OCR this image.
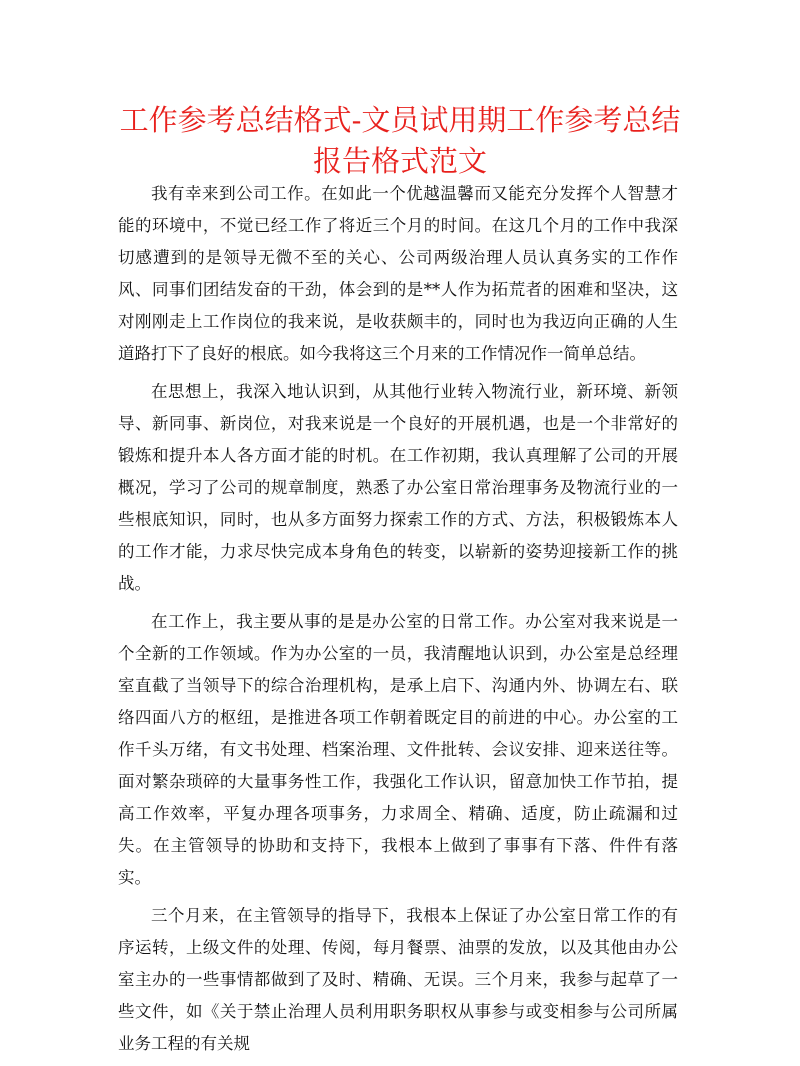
工作参考总结格式-文员试用期工作参考总结报告格式范文

我有幸来到公司工作。在如此一个优越温馨而又能充分发挥个人智慧才能的环境中，不觉已经工作了将近三个月的时间。在这几个月的工作中我深切感遭到的是领导无微不至的关心、公司两级治理人员认真务实的工作作风、同事们团结发奋的干劲，体会到的是**人作为拓荒者的困难和坚决，这对刚刚走上工作岗位的我来说，是收获颇丰的，同时也为我迈向正确的人生道路打下了良好的根底。如今我将这三个月来的工作情况作一简单总结。

在思想上，我深入地认识到，从其他行业转入物流行业，新环境、新领导、新同事、新岗位，对我来说是一个良好的开展机遇，也是一个非常好的锻炼和提升本人各方面才能的时机。在工作初期，我认真理解了公司的开展概况，学习了公司的规章制度，熟悉了办公室日常治理事务及物流行业的一些根底知识，同时，也从多方面努力探索工作的方式、方法，积极锻炼本人的工作才能，力求尽快完成本身角色的转变，以崭新的姿势迎接新工作的挑战。

在工作上，我主要从事的是是办公室的日常工作。办公室对我来说是一个全新的工作领域。作为办公室的一员，我清醒地认识到，办公室是总经理室直截了当领导下的综合治理机构，是承上启下、沟通内外、协调左右、联络四面八方的枢纽，是推进各项工作朝着既定目的前进的中心。办公室的工作千头万绪，有文书处理、档案治理、文件批转、会议安排、迎来送往等。面对繁杂琐碎的大量事务性工作，我强化工作认识，留意加快工作节拍，提高工作效率，平复办理各项事务，力求周全、精确、适度，防止疏漏和过失。在主管领导的协助和支持下，我根本上做到了事事有下落、件件有落实。

三个月来，在主管领导的指导下，我根本上保证了办公室日常工作的有序运转，上级文件的处理、传阅，每月餐票、油票的发放，以及其他由办公室主办的一些事情都做到了及时、精确、无误。三个月来，我参与起草了一些文件，如《关于禁止治理人员利用职务职权从事参与或变相参与公司所属业务工程的有关规
